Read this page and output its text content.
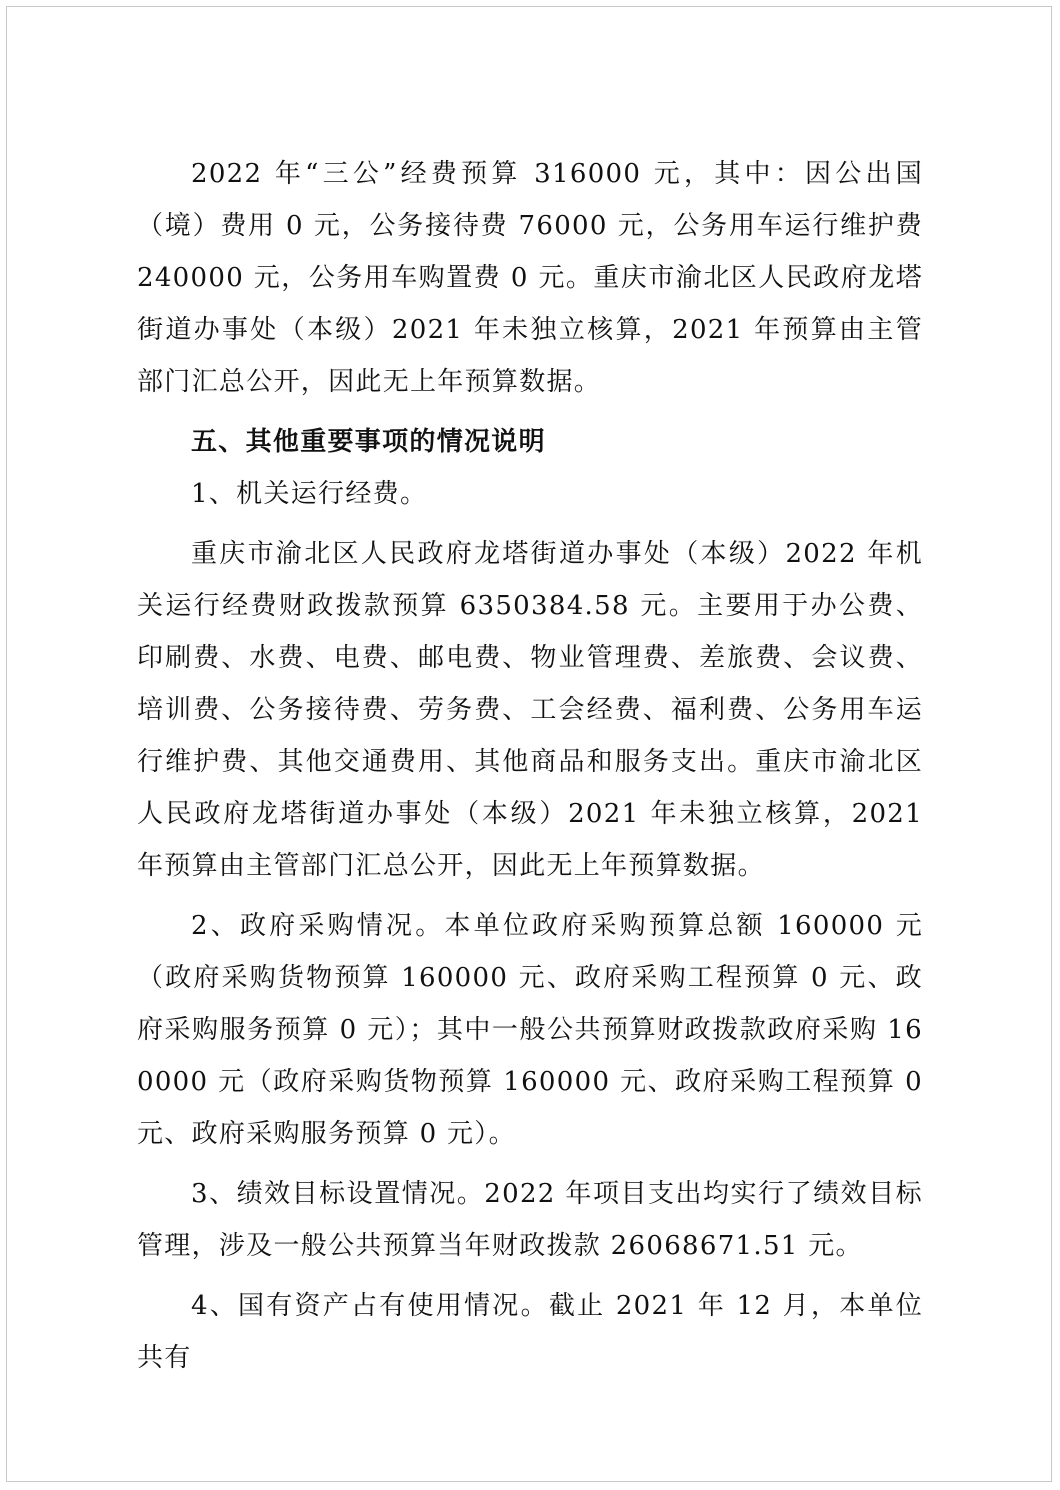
2022 年“三公”经费预算 316000 元，其中：因公出国（境）费用 0 元，公务接待费 76000 元，公务用车运行维护费 240000 元，公务用车购置费 0 元。重庆市渝北区人民政府龙塔街道办事处（本级）2021 年未独立核算，2021 年预算由主管部门汇总公开，因此无上年预算数据。

五、其他重要事项的情况说明

1、机关运行经费。

重庆市渝北区人民政府龙塔街道办事处（本级）2022 年机关运行经费财政拨款预算 6350384.58 元。主要用于办公费、印刷费、水费、电费、邮电费、物业管理费、差旅费、会议费、培训费、公务接待费、劳务费、工会经费、福利费、公务用车运行维护费、其他交通费用、其他商品和服务支出。重庆市渝北区人民政府龙塔街道办事处（本级）2021 年未独立核算，2021 年预算由主管部门汇总公开，因此无上年预算数据。

2、政府采购情况。本单位政府采购预算总额 160000 元（政府采购货物预算 160000 元、政府采购工程预算 0 元、政府采购服务预算 0 元）；其中一般公共预算财政拨款政府采购 160000 元（政府采购货物预算 160000 元、政府采购工程预算 0 元、政府采购服务预算 0 元）。

3、绩效目标设置情况。2022 年项目支出均实行了绩效目标管理，涉及一般公共预算当年财政拨款 26068671.51 元。

4、国有资产占有使用情况。截止 2021 年 12 月，本单位共有
